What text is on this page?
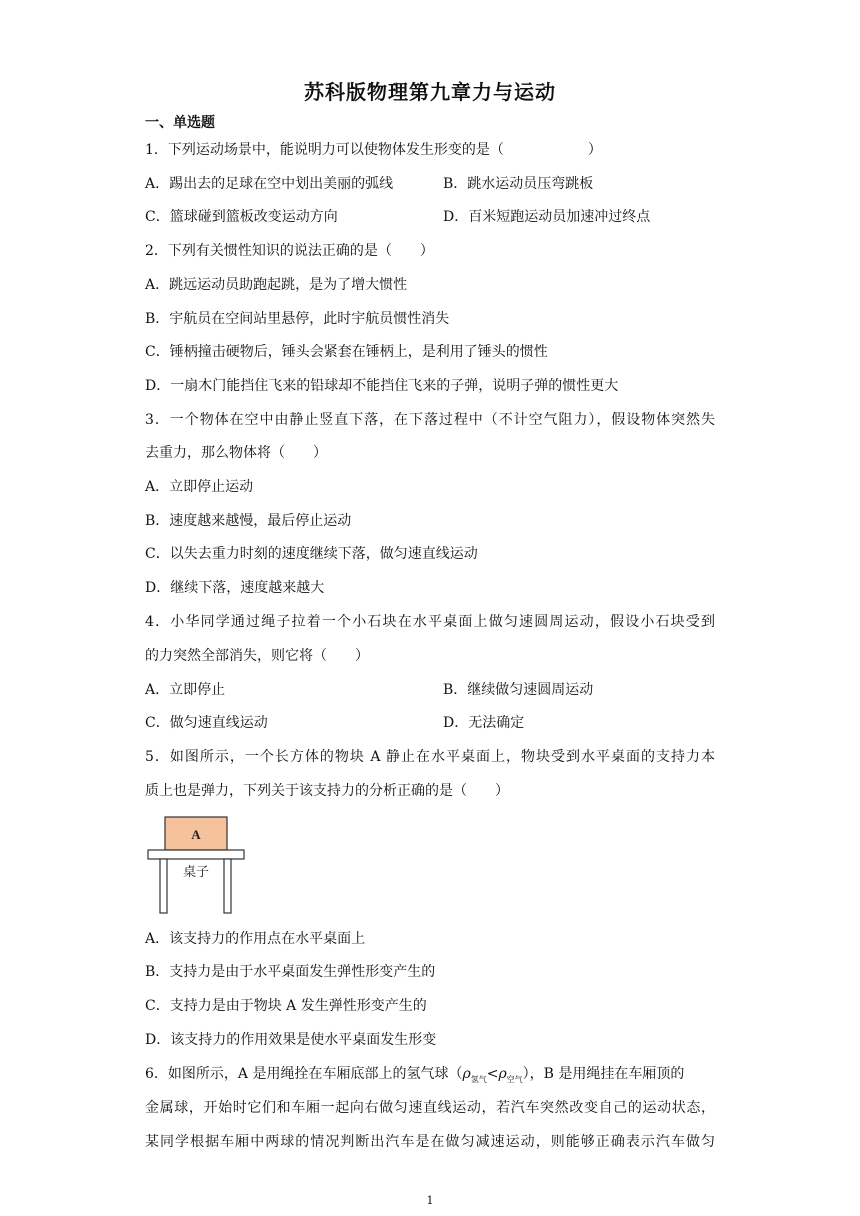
苏科版物理第九章力与运动
一、单选题
1．下列运动场景中，能说明力可以使物体发生形变的是（　　　　　　）
A．踢出去的足球在空中划出美丽的弧线	B．跳水运动员压弯跳板
C．篮球碰到篮板改变运动方向	D．百米短跑运动员加速冲过终点
2．下列有关惯性知识的说法正确的是（　　）
A．跳远运动员助跑起跳，是为了增大惯性
B．宇航员在空间站里悬停，此时宇航员惯性消失
C．锤柄撞击硬物后，锤头会紧套在锤柄上，是利用了锤头的惯性
D．一扇木门能挡住飞来的铅球却不能挡住飞来的子弹，说明子弹的惯性更大
3．一个物体在空中由静止竖直下落，在下落过程中（不计空气阻力），假设物体突然失
去重力，那么物体将（　　）
A．立即停止运动
B．速度越来越慢，最后停止运动
C．以失去重力时刻的速度继续下落，做匀速直线运动
D．继续下落，速度越来越大
4．小华同学通过绳子拉着一个小石块在水平桌面上做匀速圆周运动，假设小石块受到
的力突然全部消失，则它将（　　）
A．立即停止	B．继续做匀速圆周运动
C．做匀速直线运动	D．无法确定
5．如图所示，一个长方体的物块 A 静止在水平桌面上，物块受到水平桌面的支持力本
质上也是弹力，下列关于该支持力的分析正确的是（　　）
A
桌子
A．该支持力的作用点在水平桌面上
B．支持力是由于水平桌面发生弹性形变产生的
C．支持力是由于物块 A 发生弹性形变产生的
D．该支持力的作用效果是使水平桌面发生形变
6．如图所示，A 是用绳拴在车厢底部上的氢气球$(\rho_{氢气}<\rho_{空气})$，B 是用绳挂在车厢顶的
金属球，开始时它们和车厢一起向右做匀速直线运动，若汽车突然改变自己的运动状态，
某同学根据车厢中两球的情况判断出汽车是在做匀减速运动，则能够正确表示汽车做匀
1
